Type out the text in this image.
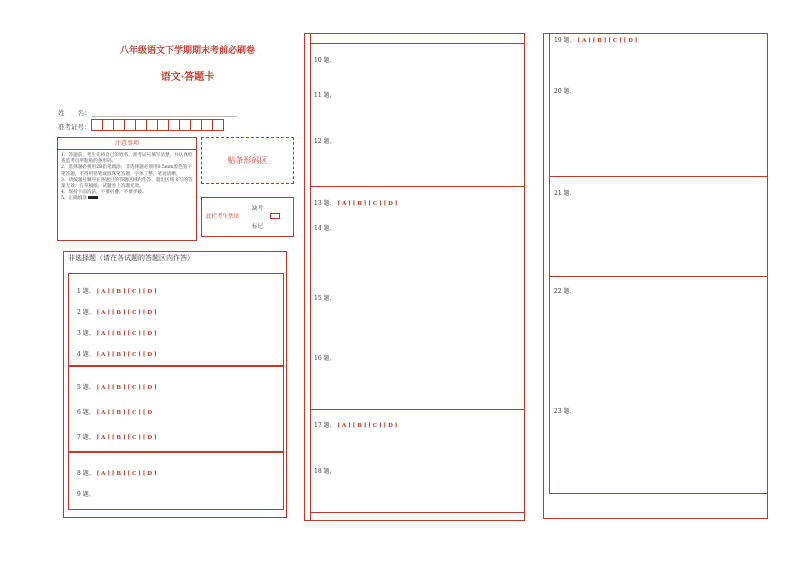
八年级语文下学期期末考前必刷卷
语文·答题卡
姓　　名：
准考证号：
注意事项
1．答题前，考生先将自己的姓名、准考证号填写清楚，并认真检查监考员所粘贴的条形码。
2．选择题必须用2B铅笔填涂；非选择题必须用0.5mm黑色签字笔答题，不得用铅笔或圆珠笔答题；字体工整、笔迹清晰。
3．请按题号顺序在各题目的答题区域内作答，超出区域书写的答案无效；在草稿纸、试题卷上答题无效。
4．保持卡面清洁，不要折叠、不要弄破。
5．正确填涂
贴条形码区
此栏考生禁填
缺考
标记
非选择题（请在各试题的答题区内作答）
1 题、 [ A ] [ B ] [ C ] [ D ]
2 题、 [ A ] [ B ] [ C ] [ D ]
3 题、 [ A ] [ B ] [ C ] [ D ]
4 题、 [ A ] [ B ] [ C ] [ D ]
5 题、 [ A ] [ B ] [ C ] [ D ]
6 题、 [ A ] [ B ] [ C ] [ D
7 题、 [ A ] [ B ] [ C ] [ D ]
8 题、 [ A ] [ B ] [ C ] [ D ]
9 题、
10 题、
11 题、
12 题、
13 题、 [ A ] [ B ] [ C ] [ D ]
14 题、
15 题、
16 题、
17 题、 [ A ] [ B ] [ C ] [ D ]
18 题、
19 题、 [ A ] [ B ] [ C ] [ D ]
20 题、
21 题、
22 题、
23 题、
